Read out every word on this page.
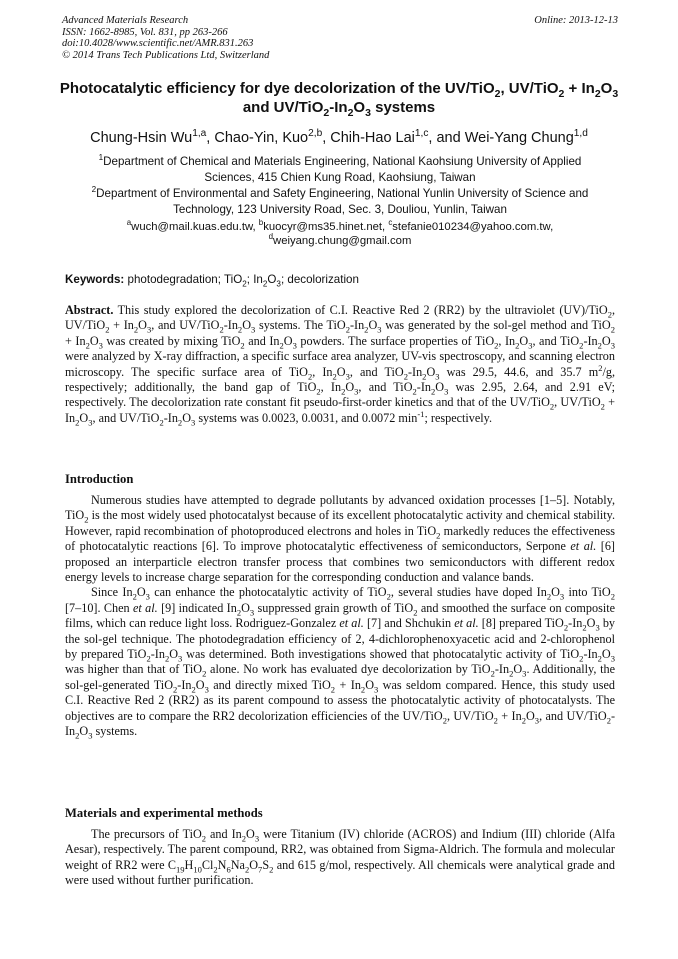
Advanced Materials Research
ISSN: 1662-8985, Vol. 831, pp 263-266
doi:10.4028/www.scientific.net/AMR.831.263
© 2014 Trans Tech Publications Ltd, Switzerland
Online: 2013-12-13
Photocatalytic efficiency for dye decolorization of the UV/TiO$_2$, $UV/TiO_2 + In_2O_3$ and $UV/TiO_2-In_2O_3$ systems
Chung-Hsin Wu$^{1,a}$, Chao-Yin, Kuo$^{2,b}$, Chih-Hao Lai$^{1,c}$, and Wei-Yang Chung$^{1,d}$
$^1$Department of Chemical and Materials Engineering, National Kaohsiung University of Applied
Sciences, 415 Chien Kung Road, Kaohsiung, Taiwan
$^2$Department of Environmental and Safety Engineering, National Yunlin University of Science and
Technology, 123 University Road, Sec. 3, Douliou, Yunlin, Taiwan
$^a$wuch@mail.kuas.edu.tw, $^b$kuocyr@ms35.hinet.net, $^c$stefanie010234@yahoo.com.tw,
$^d$weiyang.chung@gmail.com
Keywords: photodegradation; TiO$_2$; $In_2O_3$; decolorization
Abstract. This study explored the decolorization of C.I. Reactive Red 2 (RR2) by the ultraviolet (UV)/TiO$_2$, $UV/TiO_2 + In_2O_3$, and $UV/TiO_2-In_2O_3$ systems. The $TiO_2-In_2O_3$ was generated by the sol-gel method and $TiO_2 + In_2O_3$ was created by mixing TiO$_2$ and $In_2O_3$ powders. The surface properties of TiO$_2$, $In_2O_3$, and $TiO_2-In_2O_3$ were analyzed by X-ray diffraction, a specific surface area analyzer, UV-vis spectroscopy, and scanning electron microscopy. The specific surface area of TiO$_2$, $In_2O_3$, and $TiO_2-In_2O_3$ was 29.5, 44.6, and 35.7 $m^2/g$, respectively; additionally, the band gap of TiO$_2$, $In_2O_3$, and $TiO_2-In_2O_3$ was 2.95, 2.64, and 2.91 eV; respectively. The decolorization rate constant fit pseudo-first-order kinetics and that of the UV/TiO$_2$, $UV/TiO_2 + In_2O_3$, and $UV/TiO_2-In_2O_3$ systems was 0.0023, 0.0031, and 0.0072 $\min^{-1}$; respectively.
Introduction

Numerous studies have attempted to degrade pollutants by advanced oxidation processes [1–5]. Notably, TiO$_2$ is the most widely used photocatalyst because of its excellent photocatalytic activity and chemical stability. However, rapid recombination of photoproduced electrons and holes in TiO$_2$ markedly reduces the effectiveness of photocatalytic reactions [6]. To improve photocatalytic effectiveness of semiconductors, Serpone et al. [6] proposed an interparticle electron transfer process that combines two semiconductors with different redox energy levels to increase charge separation for the corresponding conduction and valance bands.

Since $In_2O_3$ can enhance the photocatalytic activity of TiO$_2$, several studies have doped $In_2O_3$ into TiO$_2$ [7–10]. Chen et al. [9] indicated $In_2O_3$ suppressed grain growth of TiO$_2$ and smoothed the surface on composite films, which can reduce light loss. Rodriguez-Gonzalez et al. [7] and Shchukin et al. [8] prepared $TiO_2-In_2O_3$ by the sol-gel technique. The photodegradation efficiency of 2, 4-dichlorophenoxyacetic acid and 2-chlorophenol by prepared $TiO_2-In_2O_3$ was determined. Both investigations showed that photocatalytic activity of $TiO_2-In_2O_3$ was higher than that of TiO$_2$ alone. No work has evaluated dye decolorization by $TiO_2-In_2O_3$. Additionally, the sol-gel-generated $TiO_2-In_2O_3$ and directly mixed $TiO_2 + In_2O_3$ was seldom compared. Hence, this study used C.I. Reactive Red 2 (RR2) as its parent compound to assess the photocatalytic activity of photocatalysts. The objectives are to compare the RR2 decolorization efficiencies of the UV/TiO$_2$, $UV/TiO_2 + In_2O_3$, and $UV/TiO_2-In_2O_3$ systems.

Materials and experimental methods

The precursors of TiO$_2$ and $In_2O_3$ were Titanium (IV) chloride (ACROS) and Indium (III) chloride (Alfa Aesar), respectively. The parent compound, RR2, was obtained from Sigma-Aldrich. The formula and molecular weight of RR2 were $C_{19}H_{10}Cl_2N_6Na_2O_7S_2$ and 615 g/mol, respectively. All chemicals were analytical grade and were used without further purification.
